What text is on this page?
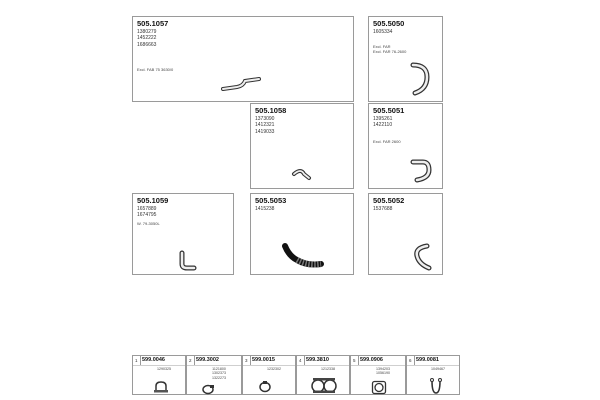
505.1057
1380279
1452222
1686663
Excl. FAB 75 3630/0
505.5050
1605334
Excl. FAR
Excl. FAR 76-2600
505.1058
1373090
1412321
1419033
505.5051
1395261
1422110
Excl. FAR 2600
505.1059
1657889
1674795
W. 79-3050L
505.5053
1415238
505.5052
1537688
1 599.0046
1290325
2 599.3002
1121800
1302373
1322273
3 599.0015
1232302
4 599.3810
1212338
5 599.0906
1394203
1056190
6 599.0081
1049467
